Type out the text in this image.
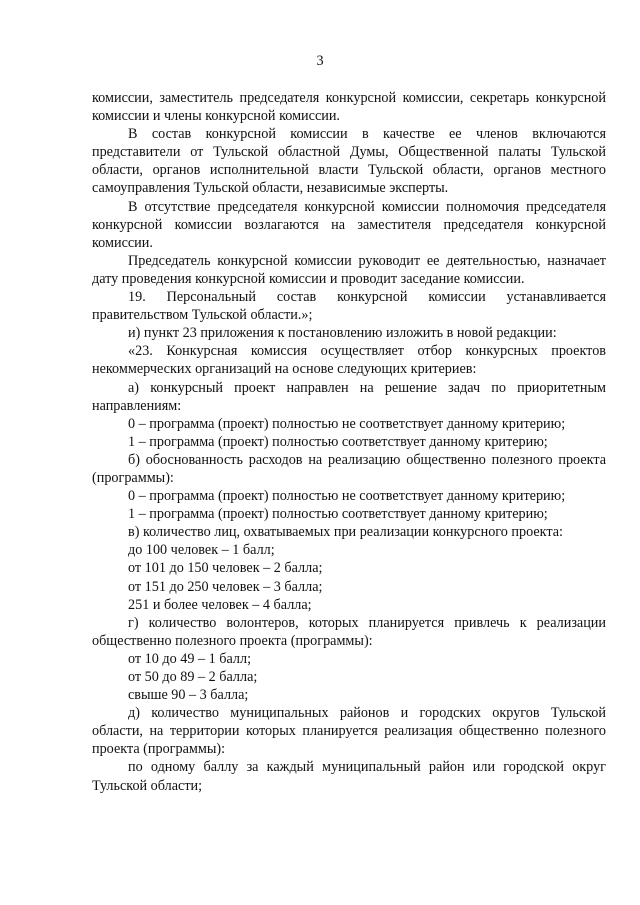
3

комиссии, заместитель председателя конкурсной комиссии, секретарь конкурсной комиссии и члены конкурсной комиссии.

В состав конкурсной комиссии в качестве ее членов включаются представители от Тульской областной Думы, Общественной палаты Тульской области, органов исполнительной власти Тульской области, органов местного самоуправления Тульской области, независимые эксперты.

В отсутствие председателя конкурсной комиссии полномочия председателя конкурсной комиссии возлагаются на заместителя председателя конкурсной комиссии.

Председатель конкурсной комиссии руководит ее деятельностью, назначает дату проведения конкурсной комиссии и проводит заседание комиссии.

19. Персональный состав конкурсной комиссии устанавливается правительством Тульской области.»;

и) пункт 23 приложения к постановлению изложить в новой редакции:

«23. Конкурсная комиссия осуществляет отбор конкурсных проектов некоммерческих организаций на основе следующих критериев:

а) конкурсный проект направлен на решение задач по приоритетным направлениям:

0 – программа (проект) полностью не соответствует данному критерию;

1 – программа (проект) полностью соответствует данному критерию;

б) обоснованность расходов на реализацию общественно полезного проекта (программы):

0 – программа (проект) полностью не соответствует данному критерию;

1 – программа (проект) полностью соответствует данному критерию;

в) количество лиц, охватываемых при реализации конкурсного проекта:

до 100 человек – 1 балл;

от 101 до 150 человек – 2 балла;

от 151 до 250 человек – 3 балла;

251 и более человек – 4 балла;

г) количество волонтеров, которых планируется привлечь к реализации общественно полезного проекта (программы):

от 10 до 49 – 1 балл;

от 50 до 89 – 2 балла;

свыше 90 – 3 балла;

д) количество муниципальных районов и городских округов Тульской области, на территории которых планируется реализация общественно полезного проекта (программы):

по одному баллу за каждый муниципальный район или городской округ Тульской области;
